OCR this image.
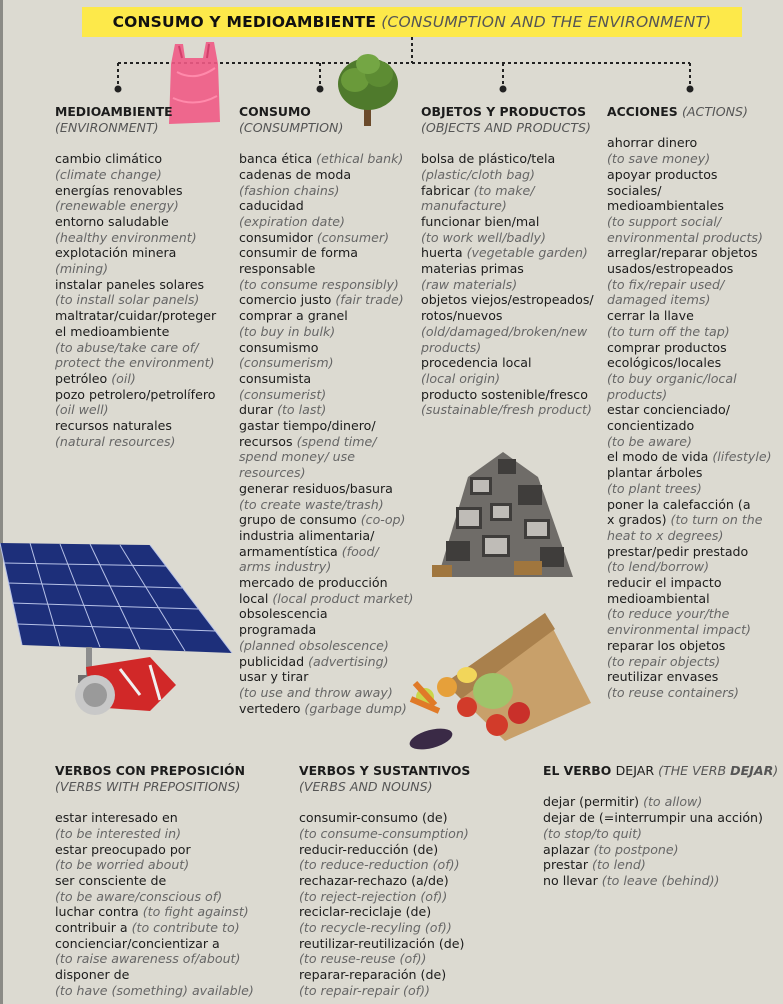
CONSUMO Y MEDIOAMBIENTE (CONSUMPTION AND THE ENVIRONMENT)
MEDIOAMBIENTE
(ENVIRONMENT)
cambio climático
(climate change)
energías renovables
(renewable energy)
entorno saludable
(healthy environment)
explotación minera
(mining)
instalar paneles solares
(to install solar panels)
maltratar/cuidar/proteger
el medioambiente
(to abuse/take care of/
protect the environment)
petróleo (oil)
pozo petrolero/petrolífero
(oil well)
recursos naturales
(natural resources)
CONSUMO
(CONSUMPTION)
banca ética (ethical bank)
cadenas de moda
(fashion chains)
caducidad
(expiration date)
consumidor (consumer)
consumir de forma
responsable
(to consume responsibly)
comercio justo (fair trade)
comprar a granel
(to buy in bulk)
consumismo
(consumerism)
consumista
(consumerist)
durar (to last)
gastar tiempo/dinero/
recursos (spend time/
spend money/ use
resources)
generar residuos/basura
(to create waste/trash)
grupo de consumo (co-op)
industria alimentaria/
armamentística (food/
arms industry)
mercado de producción
local (local product market)
obsolescencia
programada
(planned obsolescence)
publicidad (advertising)
usar y tirar
(to use and throw away)
vertedero (garbage dump)
OBJETOS Y PRODUCTOS
(OBJECTS AND PRODUCTS)
bolsa de plástico/tela
(plastic/cloth bag)
fabricar (to make/
manufacture)
funcionar bien/mal
(to work well/badly)
huerta (vegetable garden)
materias primas
(raw materials)
objetos viejos/estropeados/
rotos/nuevos
(old/damaged/broken/new
products)
procedencia local
(local origin)
producto sostenible/fresco
(sustainable/fresh product)
ACCIONES (ACTIONS)
ahorrar dinero
(to save money)
apoyar productos
sociales/
medioambientales
(to support social/
environmental products)
arreglar/reparar objetos
usados/estropeados
(to fix/repair used/
damaged items)
cerrar la llave
(to turn off the tap)
comprar productos
ecológicos/locales
(to buy organic/local
products)
estar concienciado/
concientizado
(to be aware)
el modo de vida (lifestyle)
plantar árboles
(to plant trees)
poner la calefacción (a
x grados) (to turn on the
heat to x degrees)
prestar/pedir prestado
(to lend/borrow)
reducir el impacto
medioambiental
(to reduce your/the
environmental impact)
reparar los objetos
(to repair objects)
reutilizar envases
(to reuse containers)
VERBOS CON PREPOSICIÓN
(VERBS WITH PREPOSITIONS)
estar interesado en
(to be interested in)
estar preocupado por
(to be worried about)
ser consciente de
(to be aware/conscious of)
luchar contra (to fight against)
contribuir a (to contribute to)
concienciar/concientizar a
(to raise awareness of/about)
disponer de
(to have (something) available)
VERBOS Y SUSTANTIVOS
(VERBS AND NOUNS)
consumir-consumo (de)
(to consume-consumption)
reducir-reducción (de)
(to reduce-reduction (of))
rechazar-rechazo (a/de)
(to reject-rejection (of))
reciclar-reciclaje (de)
(to recycle-recyling (of))
reutilizar-reutilización (de)
(to reuse-reuse (of))
reparar-reparación (de)
(to repair-repair (of))
EL VERBO DEJAR (THE VERB DEJAR)
dejar (permitir) (to allow)
dejar de (=interrumpir una acción)
(to stop/to quit)
aplazar (to postpone)
prestar (to lend)
no llevar (to leave (behind))
